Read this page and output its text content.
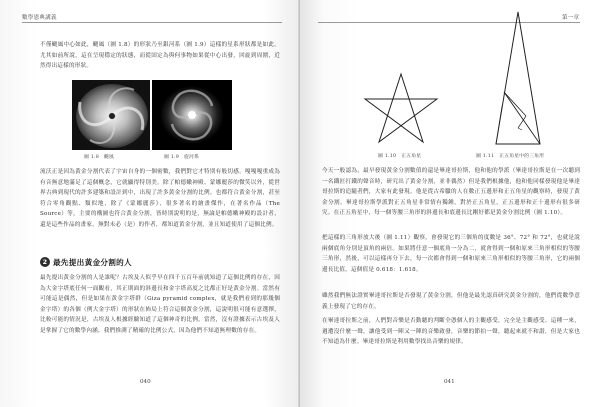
數學恩典講義
不僅颶風中心如此，颶風（圖 1.8）的形狀乃至銀河系（圖 1.9）這樣的星系形狀都是如此。尤其如前所說，這在呈現穩定的狀態，而從固定為與何事物如果從中心出發，回旋到周圍，近然得出這樣的形狀。
圖 1.8　颶風	圖 1.9　旋河系
流沃正是因為黃金分割代表了宇宙自身的一個密數，我們對它才特別有般切感。嘎嘎嘎重成為有音無意地滿足了這個概念，它就顯得特別美。除了帕德嫩神殿、蒙娜麗莎的微笑以外，從世界古典到現代的許多建築和設計到中，出現了許多黃金分割的比例。也都符合黃金分割，甚至符合零角觀點、類似地，除了《蒙娜麗莎》，很多著名的繪畫傑作，在著名作品（The Source）等，主要的構圖也符合黃金分割，皆時別說明的是，無論是帕德嫩神殿的設計者，還是這些作品的畫家，無對未必（是）的作者，都知道黃金分割，並且知道使用了這個比例。
2 最先提出黃金分割的人
最先提出黃金分割的人是誰呢？古埃及人似乎早在四千五百年前就知道了這個比例的存在，因為大金字塔底任何一面觀看，其正則面的斜邊長和金字塔高度之比都正好是黃金分割。當然有可能這是偶然，但是如果在黃金字塔群（Giza pyramid complex，就是我們看到的那幾個金字塔）的各個（例大金字塔）的形狀在佈局上符合這個黃金分割，這說明很可能有意選擇，比較可能的情況是，古埃及人根據經驗知道了這個神奇的比例，當然，沒有證據表示古埃及人是掌握了它的數學內涵，我們推測了精確的比例公式，因為他們不知道無理數的存在。
040
第一章
圖 1.10　正五角星	圖 1.11　正五角星中的三角形
今天一般認為，最早發現黃金分割數值的還是畢達哥拉斯，他和他的學派（畢達哥拉斯是在一次聽到一名鐵匠打鐵的聲音時，研究出了黃金分割，並非偶然）但是我們根據他，他和他同樣發現他是畢達哥拉斯的追隨者們，大家有此發現。他是從古希臘的人在數正五邊形和正五角星的觀察時，發現了黃金分割。畢達哥拉斯學派對正五角星非常情有獨鍾，對於正五角星，正五邊形和正十邊形有很多研究。在正五角星中，每一個等腰三角形的斜邊長和底邊長比剛好都是黃金分割比例（圖 1.10）。
把這樣的三角形放大後（圖 1.11）觀察，會發現它的三個角的度數是 36°、72° 和 72°，也就是說兩個底角分別是頂角的兩倍。如果將任意一個底角一分為二，就會得到一個和原來三角形相似的等腰三角形，然後，可以這樣再分下去，每一次都會得到一個和原來三角形相似的等腰三角形，它的兩個邊長比值，這個值是 0.618：1.618。
雖然我們無法證實畢達哥拉斯是否發現了黃金分割，但他是最先認真研究黃金分割的，他們從數學意義上發現了它的存在。
在畢達哥拉斯之前，人們對音樂是否動聽的判斷全憑個人的主觀感受，完全是主觀感受。這種一來，週遭沒什麼一聲，讓他受到一陣又一陣的音樂啟發，音樂的節拍一聲，聽起來就不和諧，但是大家也不知道為什麼。畢達哥拉斯是利用數學找出音樂的規律。
041
